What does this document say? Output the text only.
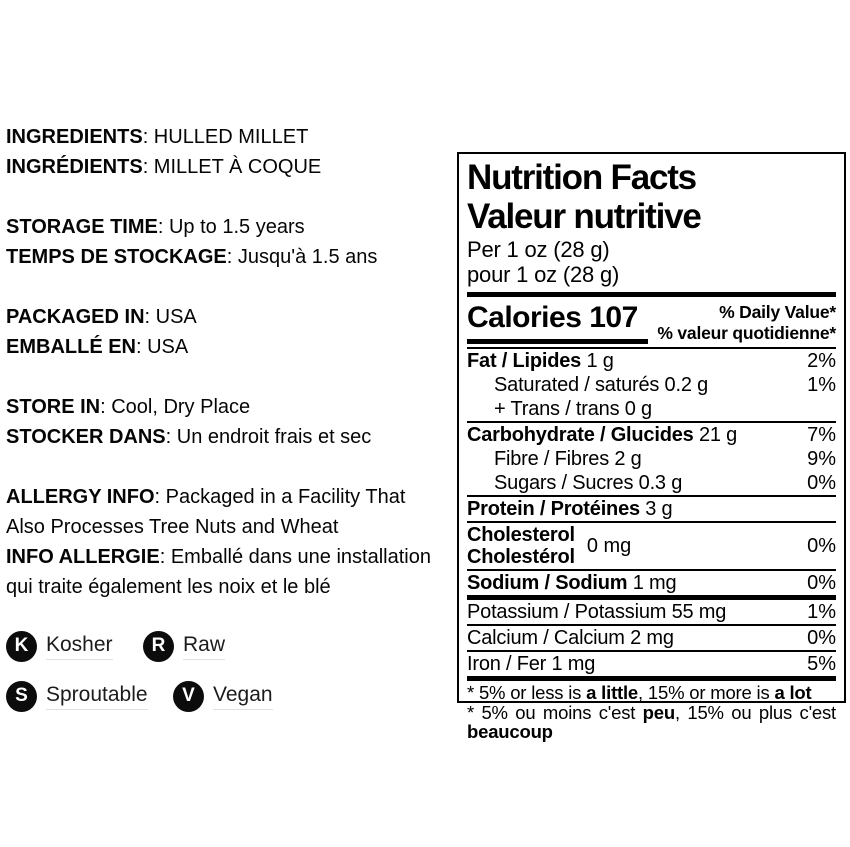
INGREDIENTS: HULLED MILLET
INGRÉDIENTS: MILLET À COQUE
STORAGE TIME: Up to 1.5 years
TEMPS DE STOCKAGE: Jusqu'à 1.5 ans
PACKAGED IN: USA
EMBALLÉ EN: USA
STORE IN: Cool, Dry Place
STOCKER DANS: Un endroit frais et sec
ALLERGY INFO: Packaged in a Facility That
Also Processes Tree Nuts and Wheat
INFO ALLERGIE: Emballé dans une installation
qui traite également les noix et le blé
K Kosher	R Raw
S Sproutable	V Vegan
Nutrition Facts
Valeur nutritive
Per 1 oz (28 g)
pour 1 oz (28 g)
Calories 107	% Daily Value*
% valeur quotidienne*
Fat / Lipides 1 g	2%
Saturated / saturés 0.2 g	1%
+ Trans / trans 0 g
Carbohydrate / Glucides 21 g	7%
Fibre / Fibres 2 g	9%
Sugars / Sucres 0.3 g	0%
Protein / Protéines 3 g
Cholesterol
Cholestérol 0 mg	0%
Sodium / Sodium 1 mg	0%
Potassium / Potassium 55 mg	1%
Calcium / Calcium 2 mg	0%
Iron / Fer 1 mg	5%
* 5% or less is a little, 15% or more is a lot
* 5% ou moins c'est peu, 15% ou plus c'est beaucoup
